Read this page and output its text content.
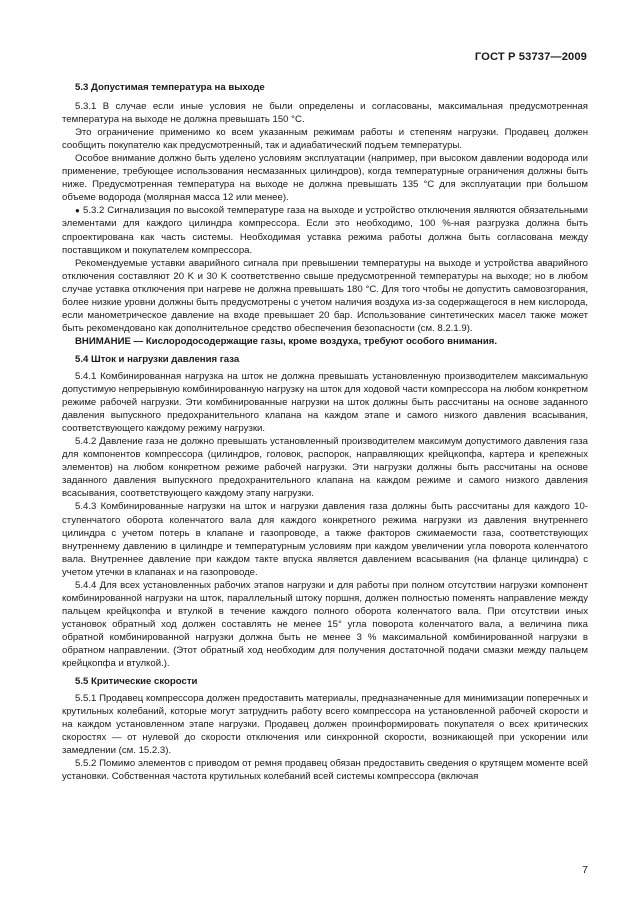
ГОСТ Р 53737—2009

5.3 Допустимая температура на выходе

5.3.1 В случае если иные условия не были определены и согласованы, максимальная предусмотренная температура на выходе не должна превышать 150 °С.

Это ограничение применимо ко всем указанным режимам работы и степеням нагрузки. Продавец должен сообщить покупателю как предусмотренный, так и адиабатический подъем температуры.

Особое внимание должно быть уделено условиям эксплуатации (например, при высоком давлении водорода или применение, требующее использования несмазанных цилиндров), когда температурные ограничения должны быть ниже. Предусмотренная температура на выходе не должна превышать 135 °С для эксплуатации при большом объеме водорода (молярная масса 12 или менее).

● 5.3.2 Сигнализация по высокой температуре газа на выходе и устройство отключения являются обязательными элементами для каждого цилиндра компрессора. Если это необходимо, 100 %-ная разгрузка должна быть спроектирована как часть системы. Необходимая уставка режима работы должна быть согласована между поставщиком и покупателем компрессора.

Рекомендуемые уставки аварийного сигнала при превышении температуры на выходе и устройства аварийного отключения составляют 20 K и 30 K соответственно свыше предусмотренной температуры на выходе; но в любом случае уставка отключения при нагреве не должна превышать 180 °С. Для того чтобы не допустить самовозгорания, более низкие уровни должны быть предусмотрены с учетом наличия воздуха из-за содержащегося в нем кислорода, если манометрическое давление на входе превышает 20 бар. Использование синтетических масел также может быть рекомендовано как дополнительное средство обеспечения безопасности (см. 8.2.1.9).

ВНИМАНИЕ — Кислородосодержащие газы, кроме воздуха, требуют особого внимания.

5.4 Шток и нагрузки давления газа

5.4.1 Комбинированная нагрузка на шток не должна превышать установленную производителем максимальную допустимую непрерывную комбинированную нагрузку на шток для ходовой части компрессора на любом конкретном режиме рабочей нагрузки. Эти комбинированные нагрузки на шток должны быть рассчитаны на основе заданного давления выпускного предохранительного клапана на каждом этапе и самого низкого давления всасывания, соответствующего каждому режиму нагрузки.

5.4.2 Давление газа не должно превышать установленный производителем максимум допустимого давления газа для компонентов компрессора (цилиндров, головок, распорок, направляющих крейцкопфа, картера и крепежных элементов) на любом конкретном режиме рабочей нагрузки. Эти нагрузки должны быть рассчитаны на основе заданного давления выпускного предохранительного клапана на каждом режиме и самого низкого давления всасывания, соответствующего каждому этапу нагрузки.

5.4.3 Комбинированные нагрузки на шток и нагрузки давления газа должны быть рассчитаны для каждого 10-ступенчатого оборота коленчатого вала для каждого конкретного режима нагрузки из давления внутреннего цилиндра с учетом потерь в клапане и газопроводе, а также факторов сжимаемости газа, соответствующих внутреннему давлению в цилиндре и температурным условиям при каждом увеличении угла поворота коленчатого вала. Внутреннее давление при каждом такте впуска является давлением всасывания (на фланце цилиндра) с учетом утечки в клапанах и на газопроводе.

5.4.4 Для всех установленных рабочих этапов нагрузки и для работы при полном отсутствии нагрузки компонент комбинированной нагрузки на шток, параллельный штоку поршня, должен полностью поменять направление между пальцем крейцкопфа и втулкой в течение каждого полного оборота коленчатого вала. При отсутствии иных установок обратный ход должен составлять не менее 15° угла поворота коленчатого вала, а величина пика обратной комбинированной нагрузки должна быть не менее 3 % максимальной комбинированной нагрузки в обратном направлении. (Этот обратный ход необходим для получения достаточной подачи смазки между пальцем крейцкопфа и втулкой.).

5.5 Критические скорости

5.5.1 Продавец компрессора должен предоставить материалы, предназначенные для минимизации поперечных и крутильных колебаний, которые могут затруднить работу всего компрессора на установленной рабочей скорости и на каждом установленном этапе нагрузки. Продавец должен проинформировать покупателя о всех критических скоростях — от нулевой до скорости отключения или синхронной скорости, возникающей при ускорении или замедлении (см. 15.2.3).

5.5.2 Помимо элементов с приводом от ремня продавец обязан предоставить сведения о крутящем моменте всей установки. Собственная частота крутильных колебаний всей системы компрессора (включая

7
